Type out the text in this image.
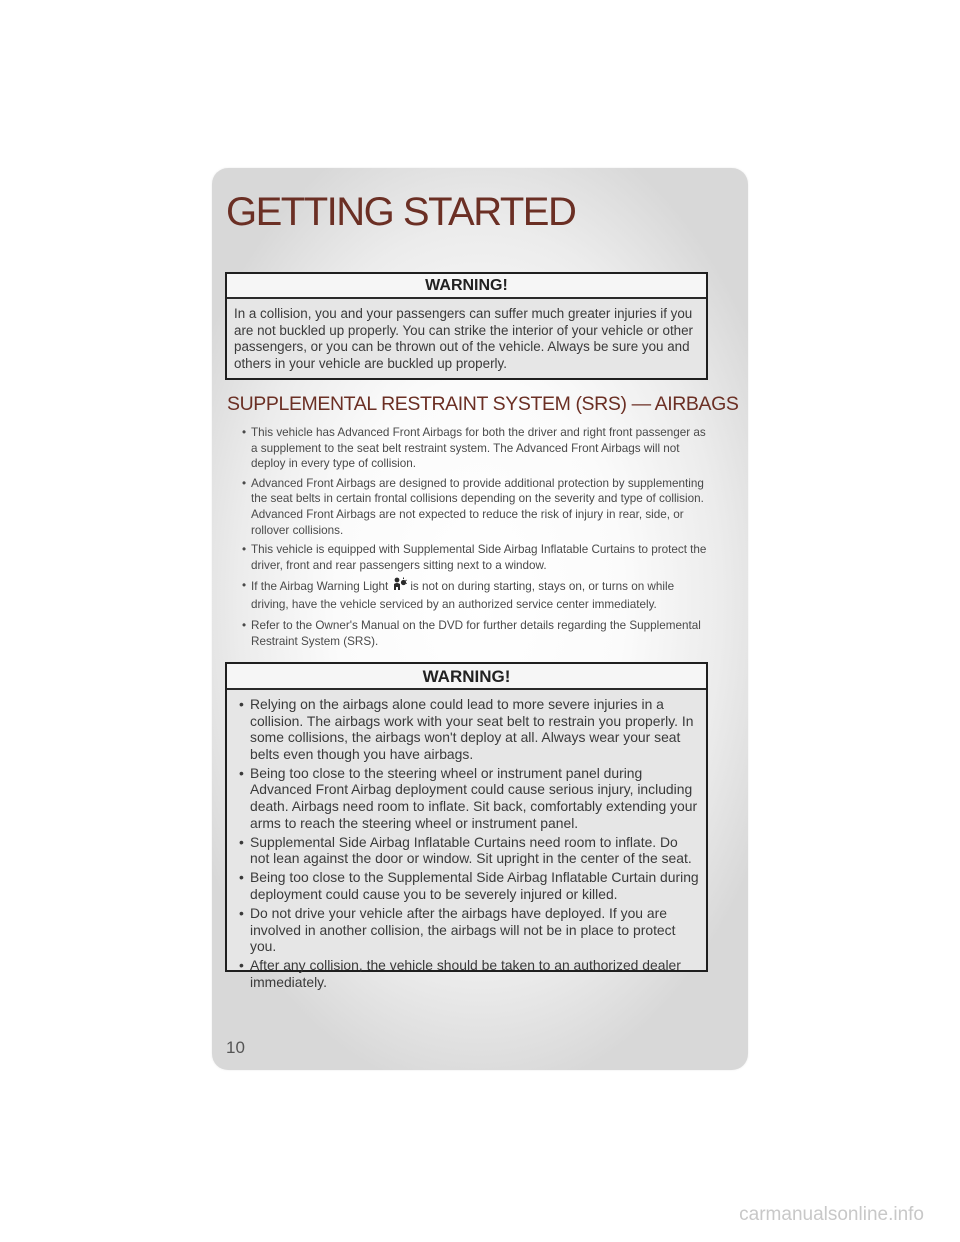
GETTING STARTED
WARNING!
In a collision, you and your passengers can suffer much greater injuries if you are not buckled up properly. You can strike the interior of your vehicle or other passengers, or you can be thrown out of the vehicle. Always be sure you and others in your vehicle are buckled up properly.
SUPPLEMENTAL RESTRAINT SYSTEM (SRS) — AIRBAGS
• This vehicle has Advanced Front Airbags for both the driver and right front passenger as a supplement to the seat belt restraint system. The Advanced Front Airbags will not deploy in every type of collision.
• Advanced Front Airbags are designed to provide additional protection by supplementing the seat belts in certain frontal collisions depending on the severity and type of collision. Advanced Front Airbags are not expected to reduce the risk of injury in rear, side, or rollover collisions.
• This vehicle is equipped with Supplemental Side Airbag Inflatable Curtains to protect the driver, front and rear passengers sitting next to a window.
• If the Airbag Warning Light is not on during starting, stays on, or turns on while driving, have the vehicle serviced by an authorized service center immediately.
• Refer to the Owner's Manual on the DVD for further details regarding the Supplemental Restraint System (SRS).
WARNING!
• Relying on the airbags alone could lead to more severe injuries in a collision. The airbags work with your seat belt to restrain you properly. In some collisions, the airbags won't deploy at all. Always wear your seat belts even though you have airbags.
• Being too close to the steering wheel or instrument panel during Advanced Front Airbag deployment could cause serious injury, including death. Airbags need room to inflate. Sit back, comfortably extending your arms to reach the steering wheel or instrument panel.
• Supplemental Side Airbag Inflatable Curtains need room to inflate. Do not lean against the door or window. Sit upright in the center of the seat.
• Being too close to the Supplemental Side Airbag Inflatable Curtain during deployment could cause you to be severely injured or killed.
• Do not drive your vehicle after the airbags have deployed. If you are involved in another collision, the airbags will not be in place to protect you.
• After any collision, the vehicle should be taken to an authorized dealer immediately.
10
carmanualsonline.info
